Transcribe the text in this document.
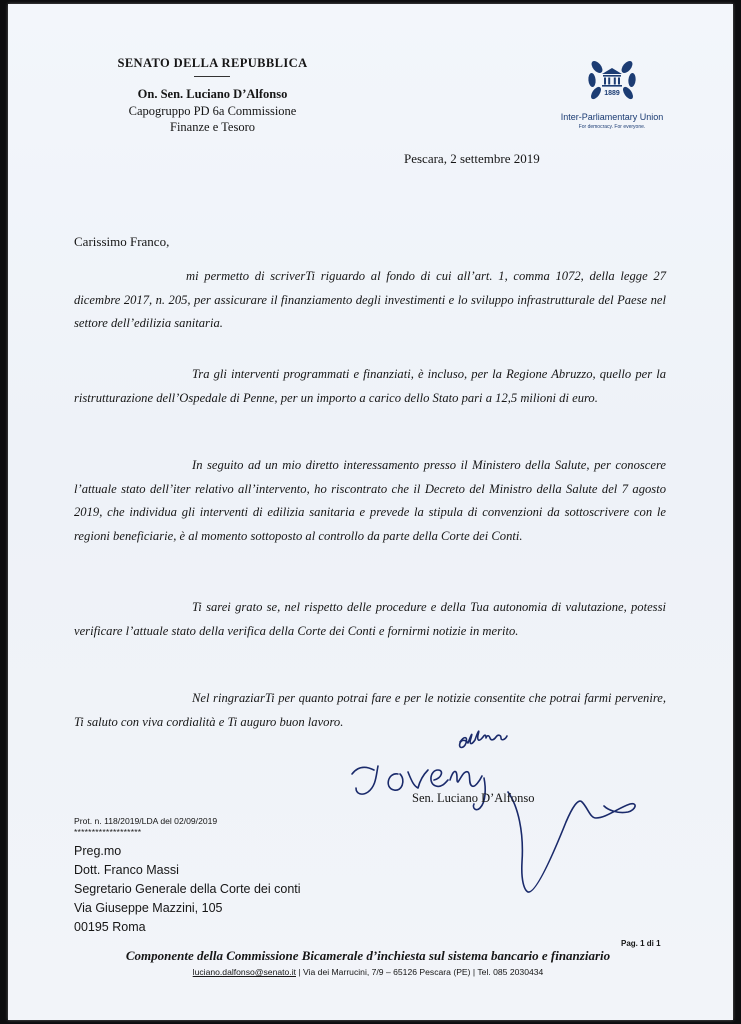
SENATO DELLA REPUBBLICA
On. Sen. Luciano D’Alfonso
Capogruppo PD 6a Commissione
Finanze e Tesoro
1889
Inter-Parliamentary Union
For democracy. For everyone.
Pescara, 2 settembre 2019
Carissimo Franco,

mi permetto di scriverTi riguardo al fondo di cui all’art. 1, comma 1072, della legge 27 dicembre 2017, n. 205, per assicurare il finanziamento degli investimenti e lo sviluppo infrastrutturale del Paese nel settore dell’edilizia sanitaria.

Tra gli interventi programmati e finanziati, è incluso, per la Regione Abruzzo, quello per la ristrutturazione dell’Ospedale di Penne, per un importo a carico dello Stato pari a 12,5 milioni di euro.

In seguito ad un mio diretto interessamento presso il Ministero della Salute, per conoscere l’attuale stato dell’iter relativo all’intervento, ho riscontrato che il Decreto del Ministro della Salute del 7 agosto 2019, che individua gli interventi di edilizia sanitaria e prevede la stipula di convenzioni da sottoscrivere con le regioni beneficiarie, è al momento sottoposto al controllo da parte della Corte dei Conti.

Ti sarei grato se, nel rispetto delle procedure e della Tua autonomia di valutazione, potessi verificare l’attuale stato della verifica della Corte dei Conti e fornirmi notizie in merito.

Nel ringraziarTi per quanto potrai fare e per le notizie consentite che potrai farmi pervenire, Ti saluto con viva cordialità e Ti auguro buon lavoro.

Sen. Luciano D’Alfonso
Prot. n. 118/2019/LDA del 02/09/2019
*******************
Preg.mo
Dott. Franco Massi
Segretario Generale della Corte dei conti
Via Giuseppe Mazzini, 105
00195 Roma
Pag. 1 di 1
Componente della Commissione Bicamerale d’inchiesta sul sistema bancario e finanziario
luciano.dalfonso@senato.it | Via dei Marrucini, 7/9 – 65126 Pescara (PE) | Tel. 085 2030434
